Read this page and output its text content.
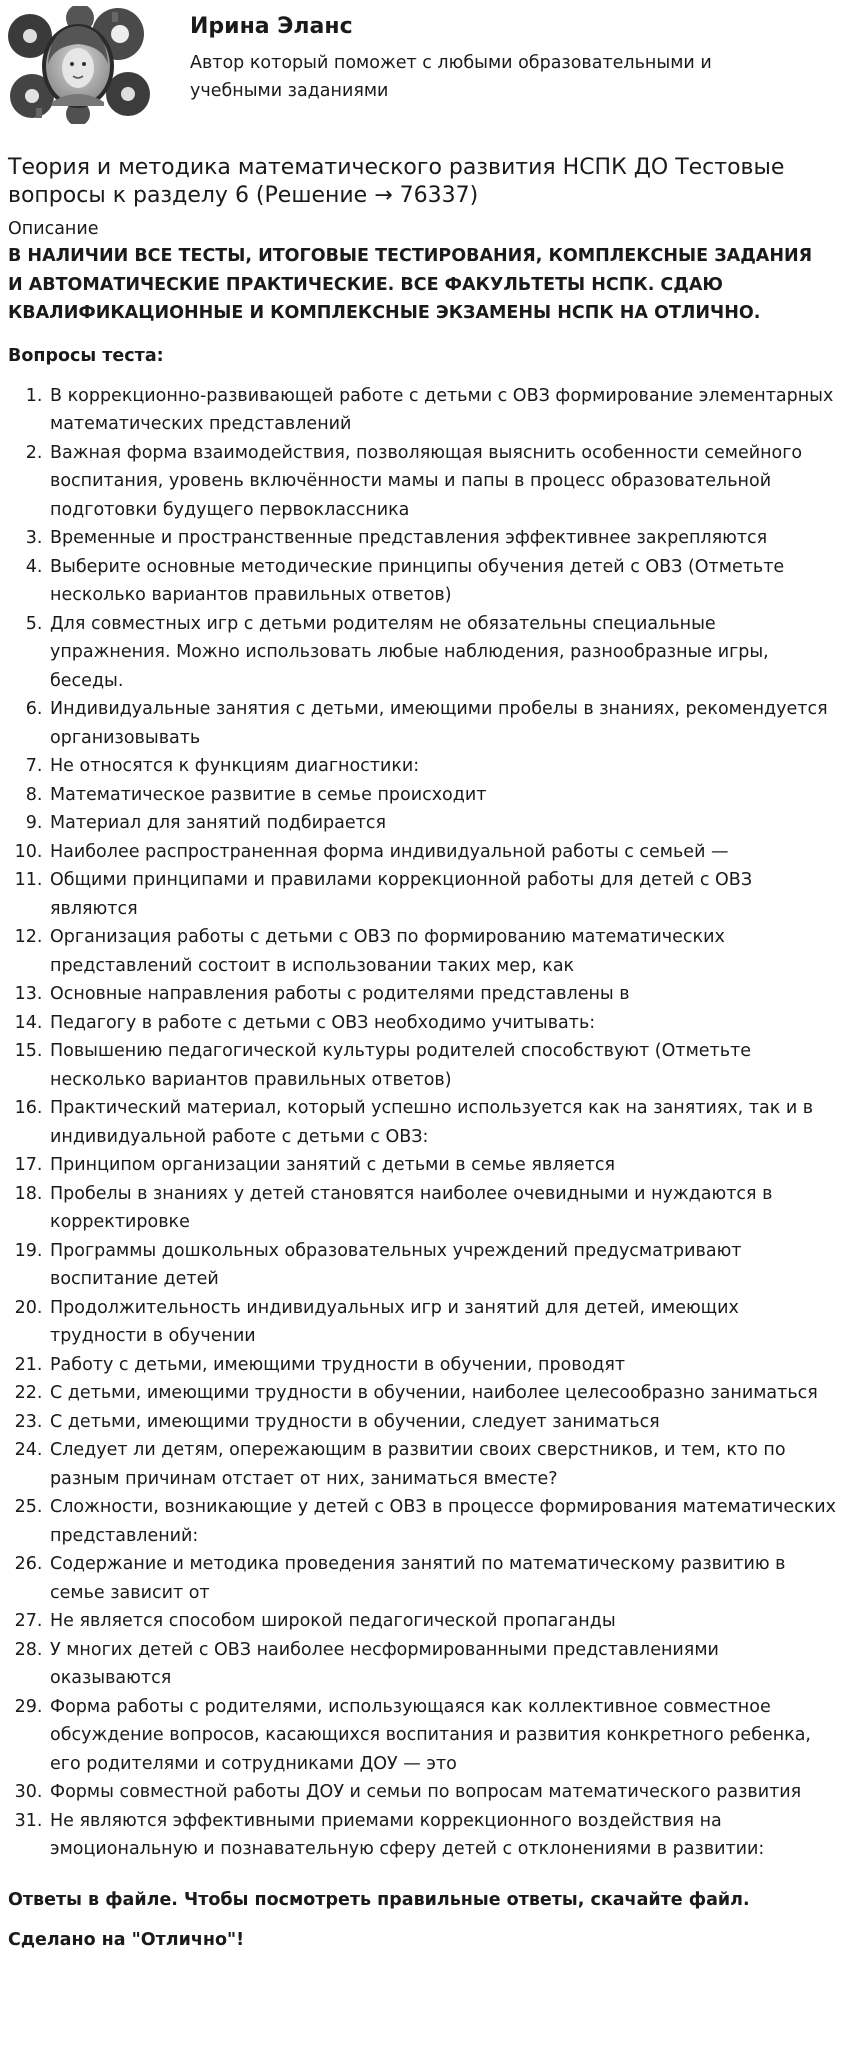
Ирина Эланс
Автор который поможет с любыми образовательными и учебными заданиями
Теория и методика математического развития НСПК ДО Тестовые вопросы к разделу 6 (Решение → 76337)
Описание
В НАЛИЧИИ ВСЕ ТЕСТЫ, ИТОГОВЫЕ ТЕСТИРОВАНИЯ, КОМПЛЕКСНЫЕ ЗАДАНИЯ И АВТОМАТИЧЕСКИЕ ПРАКТИЧЕСКИЕ. ВСЕ ФАКУЛЬТЕТЫ НСПК. СДАЮ КВАЛИФИКАЦИОННЫЕ И КОМПЛЕКСНЫЕ ЭКЗАМЕНЫ НСПК НА ОТЛИЧНО.
Вопросы теста:
1. В коррекционно-развивающей работе с детьми с ОВЗ формирование элементарных математических представлений
2. Важная форма взаимодействия, позволяющая выяснить особенности семейного воспитания, уровень включённости мамы и папы в процесс образовательной подготовки будущего первоклассника
3. Временные и пространственные представления эффективнее закрепляются
4. Выберите основные методические принципы обучения детей с ОВЗ (Отметьте несколько вариантов правильных ответов)
5. Для совместных игр с детьми родителям не обязательны специальные упражнения. Можно использовать любые наблюдения, разнообразные игры, беседы.
6. Индивидуальные занятия с детьми, имеющими пробелы в знаниях, рекомендуется организовывать
7. Не относятся к функциям диагностики:
8. Математическое развитие в семье происходит
9. Материал для занятий подбирается
10. Наиболее распространенная форма индивидуальной работы с семьей —
11. Общими принципами и правилами коррекционной работы для детей с ОВЗ являются
12. Организация работы с детьми с ОВЗ по формированию математических представлений состоит в использовании таких мер, как
13. Основные направления работы с родителями представлены в
14. Педагогу в работе с детьми с ОВЗ необходимо учитывать:
15. Повышению педагогической культуры родителей способствуют (Отметьте несколько вариантов правильных ответов)
16. Практический материал, который успешно используется как на занятиях, так и в индивидуальной работе с детьми с ОВЗ:
17. Принципом организации занятий с детьми в семье является
18. Пробелы в знаниях у детей становятся наиболее очевидными и нуждаются в корректировке
19. Программы дошкольных образовательных учреждений предусматривают воспитание детей
20. Продолжительность индивидуальных игр и занятий для детей, имеющих трудности в обучении
21. Работу с детьми, имеющими трудности в обучении, проводят
22. С детьми, имеющими трудности в обучении, наиболее целесообразно заниматься
23. С детьми, имеющими трудности в обучении, следует заниматься
24. Следует ли детям, опережающим в развитии своих сверстников, и тем, кто по разным причинам отстает от них, заниматься вместе?
25. Сложности, возникающие у детей с ОВЗ в процессе формирования математических представлений:
26. Содержание и методика проведения занятий по математическому развитию в семье зависит от
27. Не является способом широкой педагогической пропаганды
28. У многих детей с ОВЗ наиболее несформированными представлениями оказываются
29. Форма работы с родителями, использующаяся как коллективное совместное обсуждение вопросов, касающихся воспитания и развития конкретного ребенка, его родителями и сотрудниками ДОУ — это
30. Формы совместной работы ДОУ и семьи по вопросам математического развития
31. Не являются эффективными приемами коррекционного воздействия на эмоциональную и познавательную сферу детей с отклонениями в развитии:
Ответы в файле. Чтобы посмотреть правильные ответы, скачайте файл.
Сделано на "Отлично"!
